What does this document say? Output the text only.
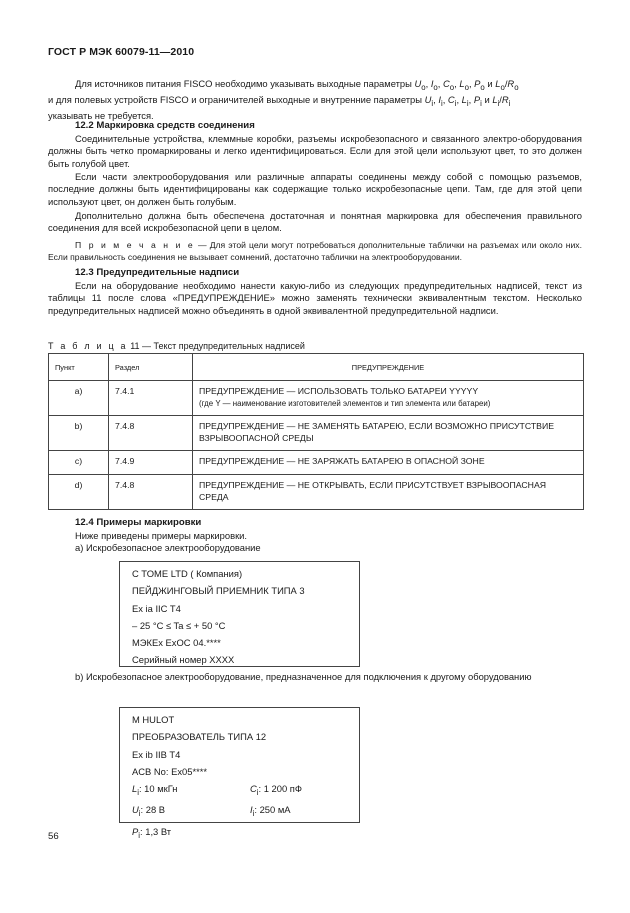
ГОСТ Р МЭК 60079-11—2010
Для источников питания FISCO необходимо указывать выходные параметры $U_o$, $I_o$, $C_o$, $L_o$, $P_o$ и $L_o/R_o$
и для полевых устройств FISCO и ограничителей выходные и внутренние параметры $U_i$, $I_i$, $C_i$, $L_i$, $P_i$ и $L_i/R_i$
указывать не требуется.
12.2 Маркировка средств соединения
Соединительные устройства, клеммные коробки, разъемы искробезопасного и связанного электро-оборудования должны быть четко промаркированы и легко идентифицироваться. Если для этой цели используют цвет, то это должен быть голубой цвет.
Если части электрооборудования или различные аппараты соединены между собой с помощью разъемов, последние должны быть идентифицированы как содержащие только искробезопасные цепи. Там, где для этой цепи используют цвет, он должен быть голубым.
Дополнительно должна быть обеспечена достаточная и понятная маркировка для обеспечения правильного соединения для всей искробезопасной цепи в целом.
П р и м е ч а н и е — Для этой цели могут потребоваться дополнительные таблички на разъемах или около них. Если правильность соединения не вызывает сомнений, достаточно таблички на электрооборудовании.
12.3 Предупредительные надписи
Если на оборудование необходимо нанести какую-либо из следующих предупредительных надписей, текст из таблицы 11 после слова «ПРЕДУПРЕЖДЕНИЕ» можно заменять технически эквивалентным текстом. Несколько предупредительных надписей можно объединять в одной эквивалентной предупредительной надписи.
Т а б л и ц а 11 — Текст предупредительных надписей
Пункт	Раздел	ПРЕДУПРЕЖДЕНИЕ
a)	7.4.1	ПРЕДУПРЕЖДЕНИЕ — ИСПОЛЬЗОВАТЬ ТОЛЬКО БАТАРЕИ YYYYY
(где Y — наименование изготовителей элементов и тип элемента или батареи)

b)	7.4.8	ПРЕДУПРЕЖДЕНИЕ — НЕ ЗАМЕНЯТЬ БАТАРЕЮ, ЕСЛИ ВОЗМОЖНО ПРИСУТСТВИЕ ВЗРЫВООПАСНОЙ СРЕДЫ
c)	7.4.9	ПРЕДУПРЕЖДЕНИЕ — НЕ ЗАРЯЖАТЬ БАТАРЕЮ В ОПАСНОЙ ЗОНЕ
d)	7.4.8	ПРЕДУПРЕЖДЕНИЕ — НЕ ОТКРЫВАТЬ, ЕСЛИ ПРИСУТСТВУЕТ ВЗРЫВООПАСНАЯ СРЕДА
12.4 Примеры маркировки
Ниже приведены примеры маркировки.
a) Искробезопасное электрооборудование
C TOME LTD ( Компания)
ПЕЙДЖИНГОВЫЙ ПРИЕМНИК ТИПА 3
Ex ia IIC T4
– 25 °C ≤ Ta ≤ + 50 °C
МЭКEx ExOC 04.****
Серийный номер XXXX
b) Искробезопасное электрооборудование, предназначенное для подключения к другому оборудованию
M HULOT
ПРЕОБРАЗОВАТЕЛЬ ТИПА 12
Ex ib IIB T4
ACB No: Ex05****
$L_i$: 10 мкГн	$C_i$: 1 200 пФ
$U_i$: 28 В	$I_i$: 250 мА
$P_i$: 1,3 Вт
56
